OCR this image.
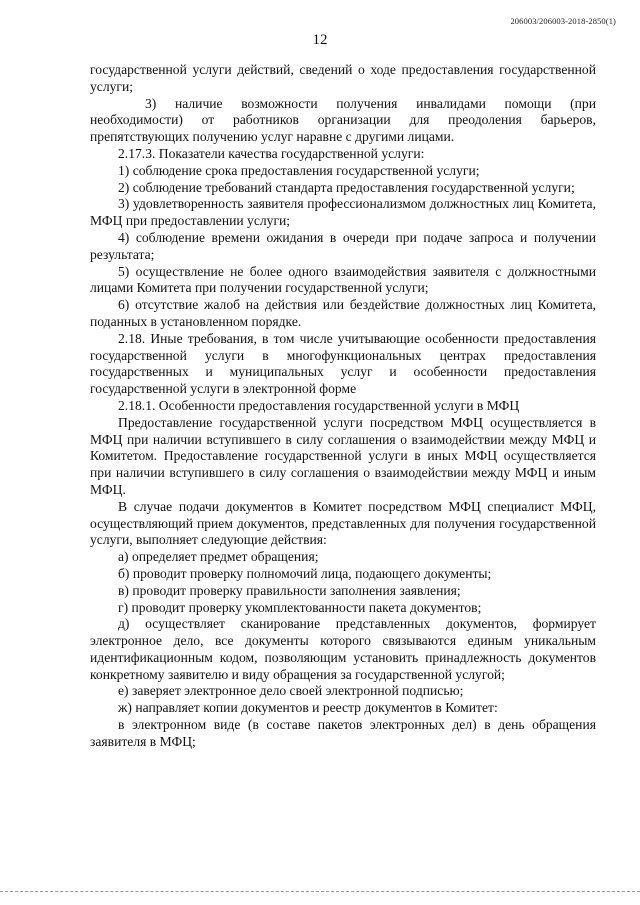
206003/206003-2018-2850(1)
12

государственной услуги действий, сведений о ходе предоставления государственной услуги;

3) наличие возможности получения инвалидами помощи (при необходимости) от работников организации для преодоления барьеров, препятствующих получению услуг наравне с другими лицами.

2.17.3. Показатели качества государственной услуги:

1) соблюдение срока предоставления государственной услуги;

2) соблюдение требований стандарта предоставления государственной услуги;

3) удовлетворенность заявителя профессионализмом должностных лиц Комитета, МФЦ при предоставлении услуги;

4) соблюдение времени ожидания в очереди при подаче запроса и получении результата;

5) осуществление не более одного взаимодействия заявителя с должностными лицами Комитета при получении государственной услуги;

6) отсутствие жалоб на действия или бездействие должностных лиц Комитета, поданных в установленном порядке.

2.18. Иные требования, в том числе учитывающие особенности предоставления государственной услуги в многофункциональных центрах предоставления государственных и муниципальных услуг и особенности предоставления государственной услуги в электронной форме

2.18.1. Особенности предоставления государственной услуги в МФЦ

Предоставление государственной услуги посредством МФЦ осуществляется в МФЦ при наличии вступившего в силу соглашения о взаимодействии между МФЦ и Комитетом. Предоставление государственной услуги в иных МФЦ осуществляется при наличии вступившего в силу соглашения о взаимодействии между МФЦ и иным МФЦ.

В случае подачи документов в Комитет посредством МФЦ специалист МФЦ, осуществляющий прием документов, представленных для получения государственной услуги, выполняет следующие действия:

а) определяет предмет обращения;

б) проводит проверку полномочий лица, подающего документы;

в) проводит проверку правильности заполнения заявления;

г) проводит проверку укомплектованности пакета документов;

д) осуществляет сканирование представленных документов, формирует электронное дело, все документы которого связываются единым уникальным идентификационным кодом, позволяющим установить принадлежность документов конкретному заявителю и виду обращения за государственной услугой;

е) заверяет электронное дело своей электронной подписью;

ж) направляет копии документов и реестр документов в Комитет:

в электронном виде (в составе пакетов электронных дел) в день обращения заявителя в МФЦ;
